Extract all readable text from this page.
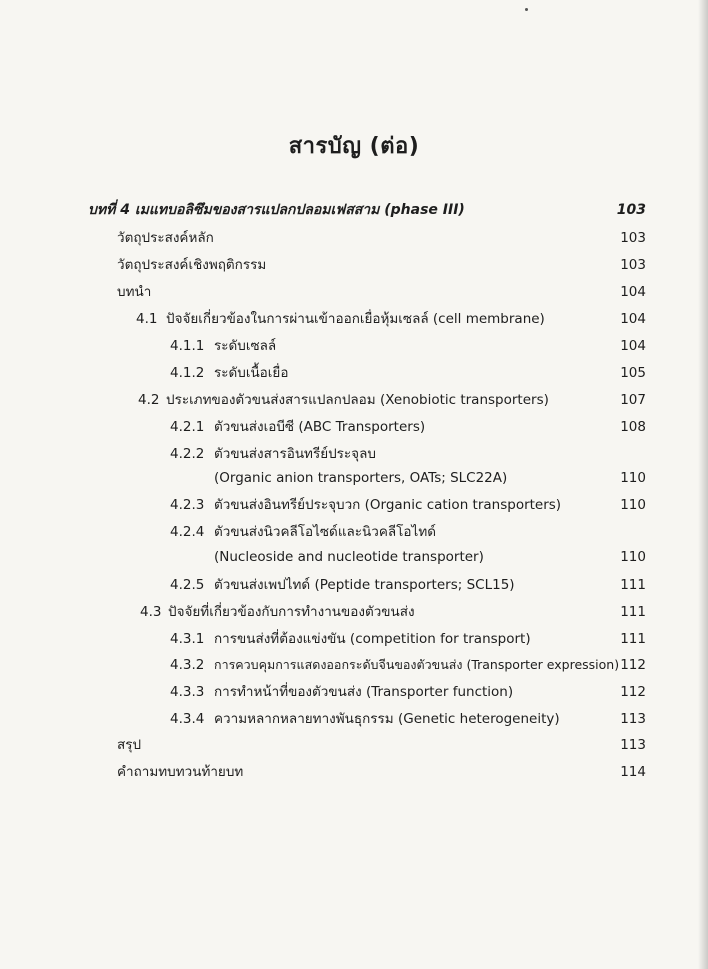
สารบัญ (ต่อ)
บทที่ 4 เมแทบอลิซึมของสารแปลกปลอมเฟสสาม (phase III)	103
วัตถุประสงค์หลัก	103
วัตถุประสงค์เชิงพฤติกรรม	103
บทนำ	104
4.1 ปัจจัยเกี่ยวข้องในการผ่านเข้าออกเยื่อหุ้มเซลล์ (cell membrane)	104
4.1.1 ระดับเซลล์	104
4.1.2 ระดับเนื้อเยื่อ	105
4.2 ประเภทของตัวขนส่งสารแปลกปลอม (Xenobiotic transporters)	107
4.2.1 ตัวขนส่งเอบีซี (ABC Transporters)	108
4.2.2 ตัวขนส่งสารอินทรีย์ประจุลบ
(Organic anion transporters, OATs; SLC22A)	110
4.2.3 ตัวขนส่งอินทรีย์ประจุบวก (Organic cation transporters)	110
4.2.4 ตัวขนส่งนิวคลีโอไซด์และนิวคลีโอไทด์
(Nucleoside and nucleotide transporter)	110
4.2.5 ตัวขนส่งเพปไทด์ (Peptide transporters; SCL15)	111
4.3 ปัจจัยที่เกี่ยวข้องกับการทำงานของตัวขนส่ง	111
4.3.1 การขนส่งที่ต้องแข่งขัน (competition for transport)	111
4.3.2 การควบคุมการแสดงออกระดับจีนของตัวขนส่ง (Transporter expression) 112
4.3.3 การทำหน้าที่ของตัวขนส่ง (Transporter function)	112
4.3.4 ความหลากหลายทางพันธุกรรม (Genetic heterogeneity)	113
สรุป	113
คำถามทบทวนท้ายบท	114
